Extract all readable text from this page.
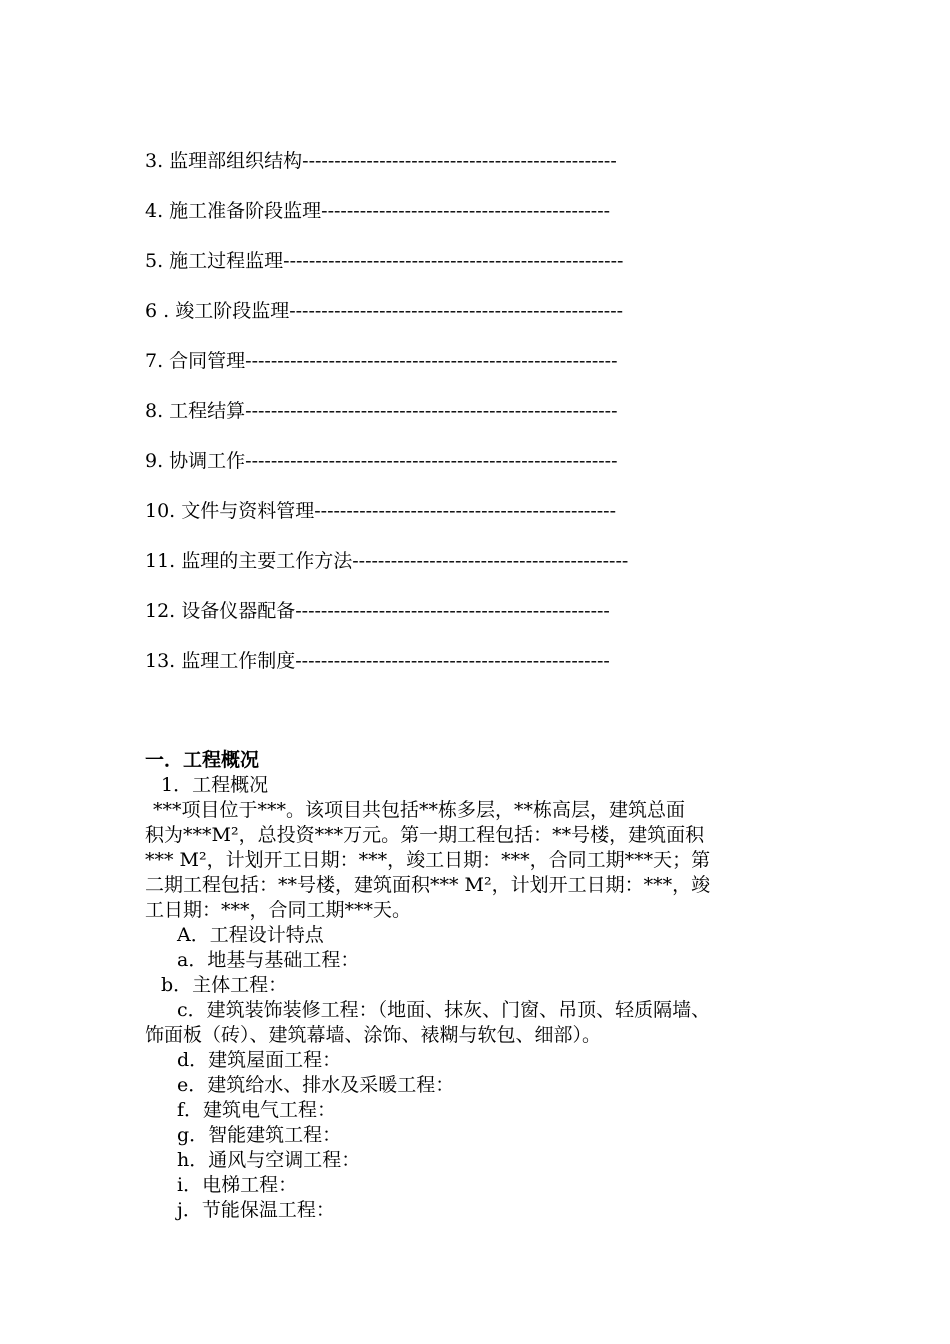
3. 监理部组织结构-------------------------------------------------
4. 施工准备阶段监理---------------------------------------------
5. 施工过程监理-----------------------------------------------------
6 . 竣工阶段监理----------------------------------------------------
7. 合同管理----------------------------------------------------------
8. 工程结算----------------------------------------------------------
9. 协调工作----------------------------------------------------------
10. 文件与资料管理-----------------------------------------------
11. 监理的主要工作方法-------------------------------------------
12. 设备仪器配备-------------------------------------------------
13. 监理工作制度-------------------------------------------------
一．工程概况
1．工程概况
***项目位于***。该项目共包括**栋多层，**栋高层，建筑总面
积为***M²，总投资***万元。第一期工程包括：**号楼，建筑面积
*** M²，计划开工日期：***，竣工日期：***，合同工期***天；第
二期工程包括：**号楼，建筑面积*** M²，计划开工日期：***，竣
工日期：***，合同工期***天。
A．工程设计特点
a．地基与基础工程：
b．主体工程：
c．建筑装饰装修工程：（地面、抹灰、门窗、吊顶、轻质隔墙、
饰面板（砖）、建筑幕墙、涂饰、裱糊与软包、细部）。
d．建筑屋面工程：
e．建筑给水、排水及采暖工程：
f．建筑电气工程：
g．智能建筑工程：
h．通风与空调工程：
i．电梯工程：
j．节能保温工程：
